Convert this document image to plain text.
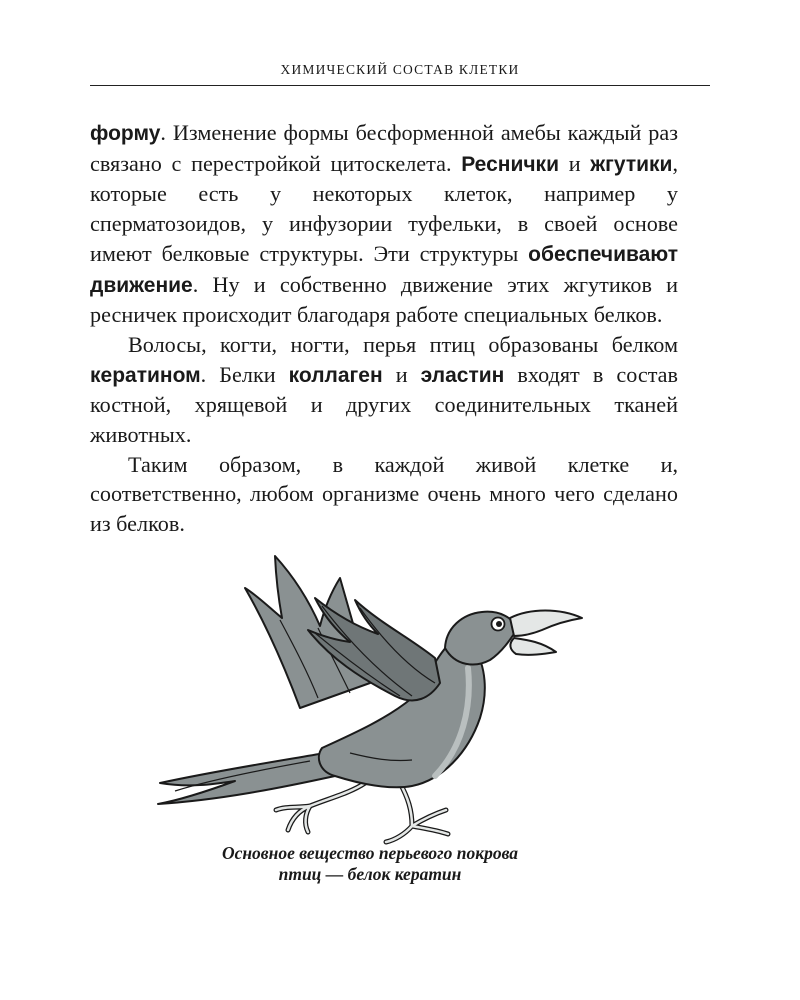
ХИМИЧЕСКИЙ СОСТАВ КЛЕТКИ

форму. Изменение формы бесформенной амебы каждый раз связано с перестройкой цитоскелета. Реснички и жгутики, которые есть у некоторых клеток, например у сперматозоидов, у инфузории туфельки, в своей основе имеют белковые структуры. Эти структуры обеспечивают движение. Ну и собственно движение этих жгутиков и ресничек происходит благодаря работе специальных белков.

Волосы, когти, ногти, перья птиц образованы белком кератином. Белки коллаген и эластин входят в состав костной, хрящевой и других соединительных тканей животных.

Таким образом, в каждой живой клетке и, соответственно, любом организме очень много чего сделано из белков.

Основное вещество перьевого покрова
птиц — белок кератин
